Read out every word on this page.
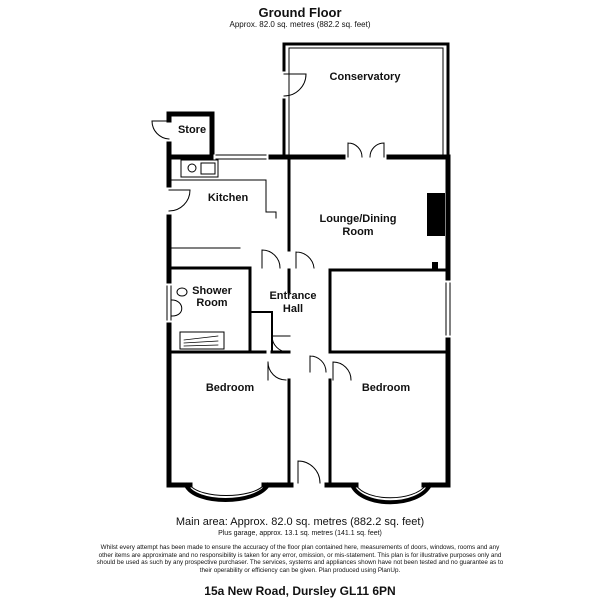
Ground Floor
Approx. 82.0 sq. metres (882.2 sq. feet)
Conservatory
Store
Kitchen
Lounge/Dining
Room
Shower
Room
Entrance
Hall
Bedroom	Bedroom
Main area: Approx. 82.0 sq. metres (882.2 sq. feet)
Plus garage, approx. 13.1 sq. metres (141.1 sq. feet)
Whilst every attempt has been made to ensure the accuracy of the floor plan contained here, measurements of doors, windows, rooms and any other items are approximate and no responsibility is taken for any error, omission, or mis-statement. This plan is for illustrative purposes only and should be used as such by any prospective purchaser. The services, systems and appliances shown have not been tested and no guarantee as to their operability or efficiency can be given. Plan produced using PlanUp.
15a New Road, Dursley GL11 6PN
